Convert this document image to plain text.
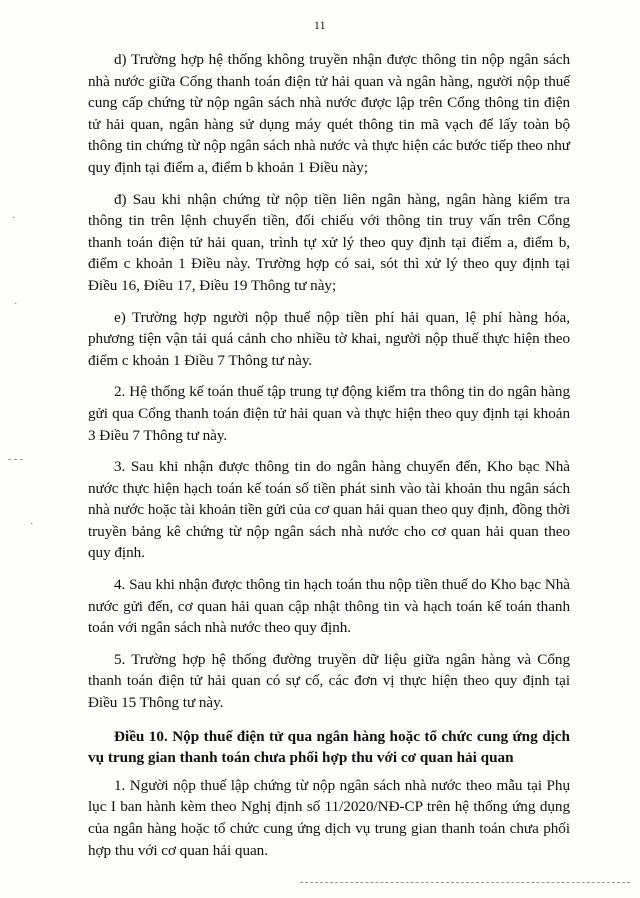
11

d) Trường hợp hệ thống không truyền nhận được thông tin nộp ngân sách nhà nước giữa Cổng thanh toán điện tử hải quan và ngân hàng, người nộp thuế cung cấp chứng từ nộp ngân sách nhà nước được lập trên Cổng thông tin điện tử hải quan, ngân hàng sử dụng máy quét thông tin mã vạch để lấy toàn bộ thông tin chứng từ nộp ngân sách nhà nước và thực hiện các bước tiếp theo như quy định tại điểm a, điểm b khoản 1 Điều này;

đ) Sau khi nhận chứng từ nộp tiền liên ngân hàng, ngân hàng kiểm tra thông tin trên lệnh chuyển tiền, đối chiếu với thông tin truy vấn trên Cổng thanh toán điện tử hải quan, trình tự xử lý theo quy định tại điểm a, điểm b, điểm c khoản 1 Điều này. Trường hợp có sai, sót thì xử lý theo quy định tại Điều 16, Điều 17, Điều 19 Thông tư này;

e) Trường hợp người nộp thuế nộp tiền phí hải quan, lệ phí hàng hóa, phương tiện vận tải quá cảnh cho nhiều tờ khai, người nộp thuế thực hiện theo điểm c khoản 1 Điều 7 Thông tư này.

2. Hệ thống kế toán thuế tập trung tự động kiểm tra thông tin do ngân hàng gửi qua Cổng thanh toán điện tử hải quan và thực hiện theo quy định tại khoản 3 Điều 7 Thông tư này.

3. Sau khi nhận được thông tin do ngân hàng chuyển đến, Kho bạc Nhà nước thực hiện hạch toán kế toán số tiền phát sinh vào tài khoản thu ngân sách nhà nước hoặc tài khoản tiền gửi của cơ quan hải quan theo quy định, đồng thời truyền bảng kê chứng từ nộp ngân sách nhà nước cho cơ quan hải quan theo quy định.

4. Sau khi nhận được thông tin hạch toán thu nộp tiền thuế do Kho bạc Nhà nước gửi đến, cơ quan hải quan cập nhật thông tin và hạch toán kế toán thanh toán với ngân sách nhà nước theo quy định.

5. Trường hợp hệ thống đường truyền dữ liệu giữa ngân hàng và Cổng thanh toán điện tử hải quan có sự cố, các đơn vị thực hiện theo quy định tại Điều 15 Thông tư này.

Điều 10. Nộp thuế điện tử qua ngân hàng hoặc tổ chức cung ứng dịch vụ trung gian thanh toán chưa phối hợp thu với cơ quan hải quan

1. Người nộp thuế lập chứng từ nộp ngân sách nhà nước theo mẫu tại Phụ lục I ban hành kèm theo Nghị định số 11/2020/NĐ-CP trên hệ thống ứng dụng của ngân hàng hoặc tổ chức cung ứng dịch vụ trung gian thanh toán chưa phối hợp thu với cơ quan hải quan.

·
·
- - -
·
